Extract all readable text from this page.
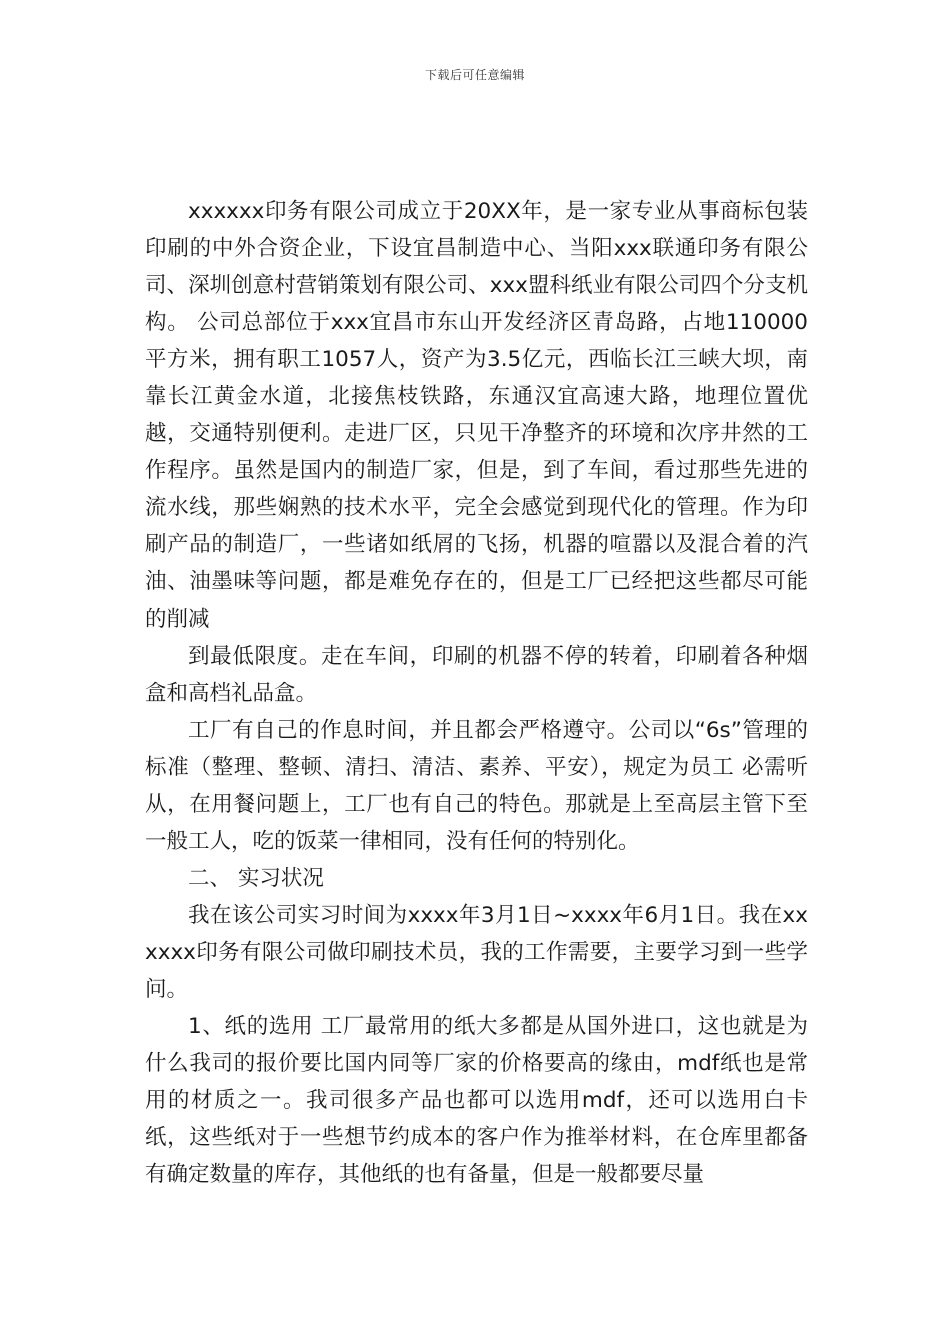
下载后可任意编辑

xxxxxx印务有限公司成立于20XX年，是一家专业从事商标包装印刷的中外合资企业，下设宜昌制造中心、当阳xxx联通印务有限公司、深圳创意村营销策划有限公司、xxx盟科纸业有限公司四个分支机构。 公司总部位于xxx宜昌市东山开发经济区青岛路，占地110000平方米，拥有职工1057人，资产为3.5亿元，西临长江三峡大坝，南靠长江黄金水道，北接焦枝铁路，东通汉宜高速大路，地理位置优越，交通特别便利。走进厂区，只见干净整齐的环境和次序井然的工作程序。虽然是国内的制造厂家，但是，到了车间，看过那些先进的流水线，那些娴熟的技术水平，完全会感觉到现代化的管理。作为印刷产品的制造厂，一些诸如纸屑的飞扬，机器的喧嚣以及混合着的汽油、油墨味等问题，都是难免存在的，但是工厂已经把这些都尽可能的削减

到最低限度。走在车间，印刷的机器不停的转着，印刷着各种烟盒和高档礼品盒。

工厂有自己的作息时间，并且都会严格遵守。公司以“6s”管理的标准（整理、整顿、清扫、清洁、素养、平安），规定为员工 必需听从，在用餐问题上，工厂也有自己的特色。那就是上至高层主管下至一般工人，吃的饭菜一律相同，没有任何的特别化。

二、 实习状况

我在该公司实习时间为xxxx年3月1日~xxxx年6月1日。我在xxxxxx印务有限公司做印刷技术员，我的工作需要，主要学习到一些学问。

1、纸的选用 工厂最常用的纸大多都是从国外进口，这也就是为什么我司的报价要比国内同等厂家的价格要高的缘由，mdf纸也是常用的材质之一。我司很多产品也都可以选用mdf，还可以选用白卡纸，这些纸对于一些想节约成本的客户作为推举材料，在仓库里都备有确定数量的库存，其他纸的也有备量，但是一般都要尽量
